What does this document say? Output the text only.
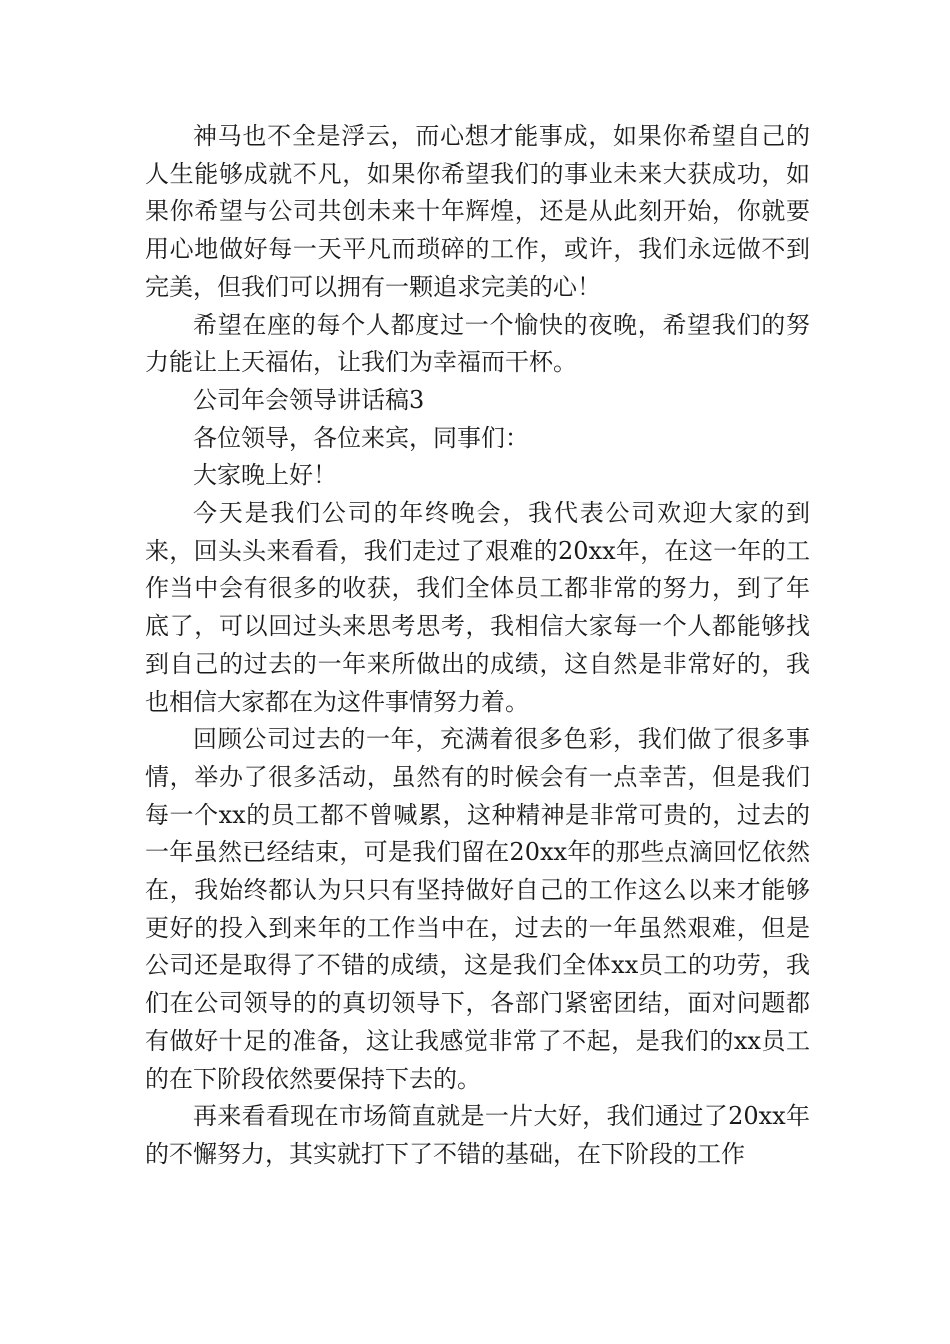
神马也不全是浮云，而心想才能事成，如果你希望自己的人生能够成就不凡，如果你希望我们的事业未来大获成功，如果你希望与公司共创未来十年辉煌，还是从此刻开始，你就要用心地做好每一天平凡而琐碎的工作，或许，我们永远做不到完美，但我们可以拥有一颗追求完美的心！

希望在座的每个人都度过一个愉快的夜晚，希望我们的努力能让上天福佑，让我们为幸福而干杯。

公司年会领导讲话稿3

各位领导，各位来宾，同事们：

大家晚上好！

今天是我们公司的年终晚会，我代表公司欢迎大家的到来，回头头来看看，我们走过了艰难的20xx年，在这一年的工作当中会有很多的收获，我们全体员工都非常的努力，到了年底了，可以回过头来思考思考，我相信大家每一个人都能够找到自己的过去的一年来所做出的成绩，这自然是非常好的，我也相信大家都在为这件事情努力着。

回顾公司过去的一年，充满着很多色彩，我们做了很多事情，举办了很多活动，虽然有的时候会有一点幸苦，但是我们每一个xx的员工都不曾喊累，这种精神是非常可贵的，过去的一年虽然已经结束，可是我们留在20xx年的那些点滴回忆依然在，我始终都认为只只有坚持做好自己的工作这么以来才能够更好的投入到来年的工作当中在，过去的一年虽然艰难，但是公司还是取得了不错的成绩，这是我们全体xx员工的功劳，我们在公司领导的的真切领导下，各部门紧密团结，面对问题都有做好十足的准备，这让我感觉非常了不起，是我们的xx员工的在下阶段依然要保持下去的。

再来看看现在市场简直就是一片大好，我们通过了20xx年的不懈努力，其实就打下了不错的基础，在下阶段的工作
